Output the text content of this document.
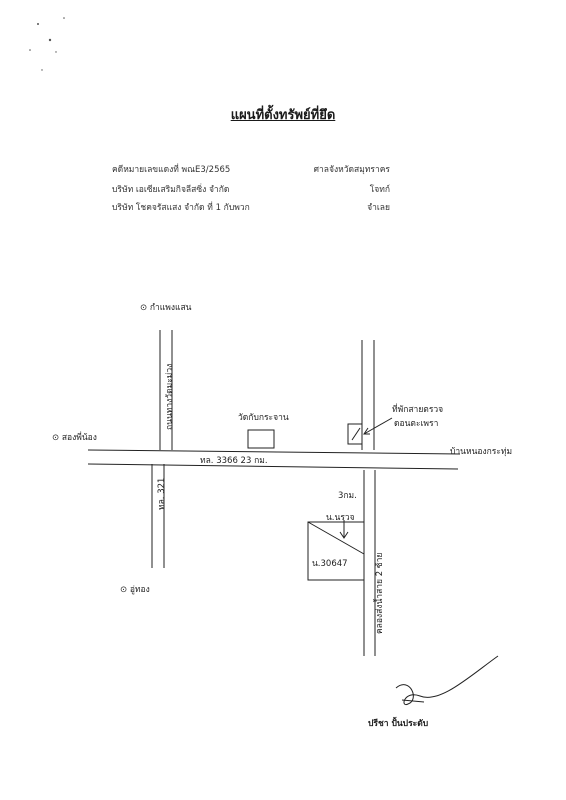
แผนที่ตั้งทรัพย์ที่ยึด
คดีหมายเลขแดงที่ พณE3/2565	ศาลจังหวัดสมุทราคร
บริษัท เอเซียเสริมกิจลีสซิ่ง จำกัด	โจทก์
บริษัท โชคจรัสแสง จำกัด ที่ 1 กับพวก	จำเลย
⊙ กำแพงแสน
⊙ สองพี่น้อง
⊙ อู่ทอง
บ้านหนองกระทุ่ม
ถนนทางวัดมะม่วง
ทล. 321
คลองส่งน้ำสาย 2 ซ้าย
ทล. 3366 23 กม.
วัดกับกระจาน
ที่พักสายตรวจ
ดอนตะเพรา
3กม.
น.นรวจ
น.30647
ปรีชา ปั้นประดับ
